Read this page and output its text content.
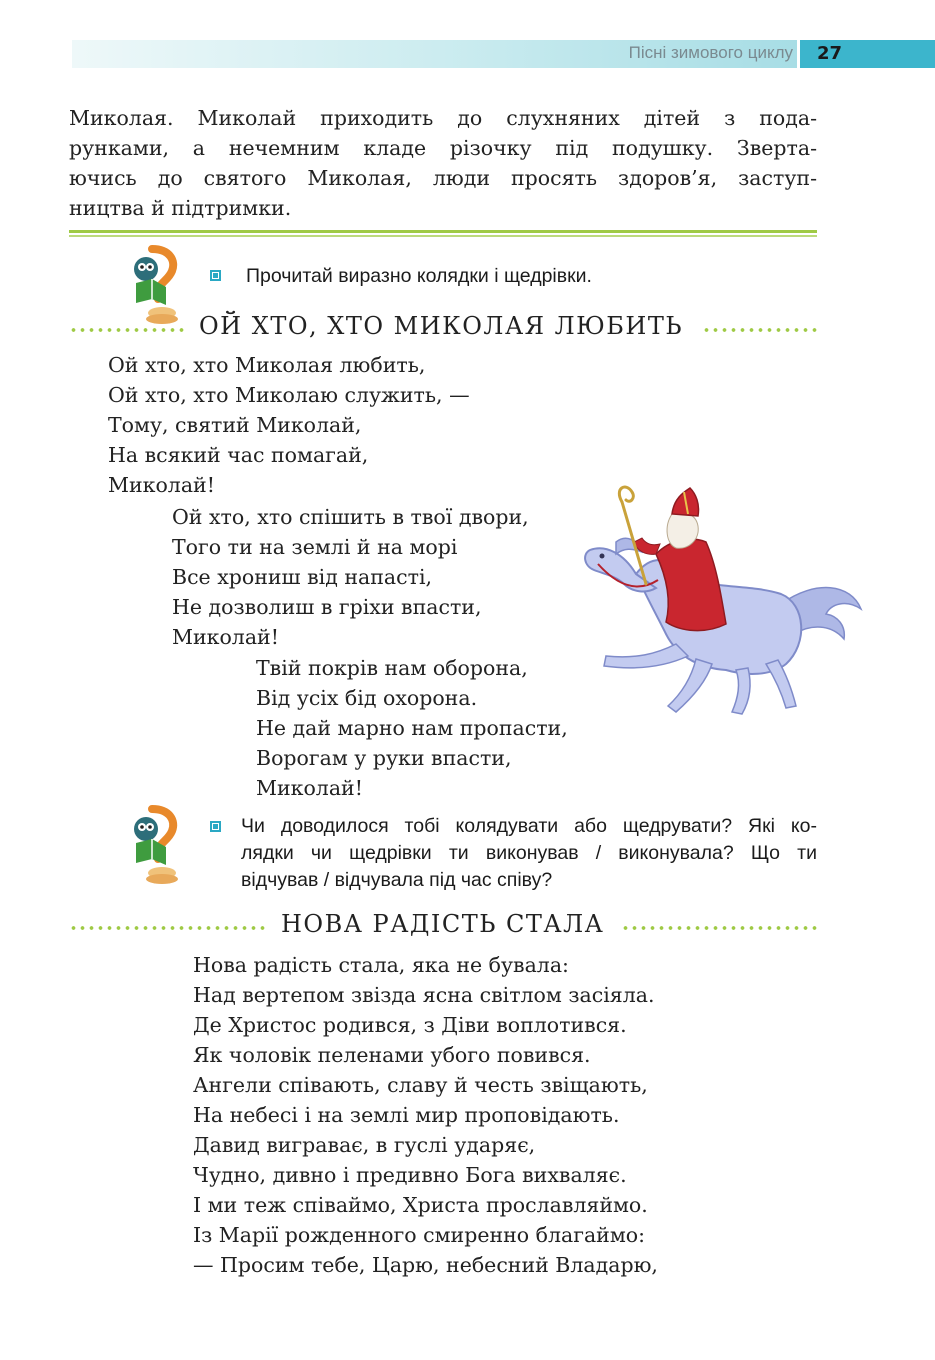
Пісні зимового циклу	27
Миколая. Миколай приходить до слухняних дітей з пода-
рунками, а нечемним кладе різочку під подушку. Зверта-
ючись до святого Миколая, люди просять здоров’я, заступ-
ництва й підтримки.
Прочитай виразно колядки і щедрівки.
ОЙ ХТО, ХТО МИКОЛАЯ ЛЮБИТЬ
Ой хто, хто Миколая любить,
Ой хто, хто Миколаю служить, —
Тому, святий Миколай,
На всякий час помагай,
Миколай!
Ой хто, хто спішить в твої двори,
Того ти на землі й на морі
Все хрониш від напасті,
Не дозволиш в гріхи впасти,
Миколай!
Твій покрів нам оборона,
Від усіх бід охорона.
Не дай марно нам пропасти,
Ворогам у руки впасти,
Миколай!
Чи доводилося тобі колядувати або щедрувати? Які ко-
лядки чи щедрівки ти виконував / виконувала? Що ти
відчував / відчувала під час співу?
НОВА РАДІСТЬ СТАЛА
Нова радість стала, яка не бувала:
Над вертепом звізда ясна світлом засіяла.
Де Христос родився, з Діви воплотився.
Як чоловік пеленами убого повився.
Ангели співають, славу й честь звіщають,
На небесі і на землі мир проповідають.
Давид виграває, в гуслі ударяє,
Чудно, дивно і предивно Бога вихваляє.
І ми теж співаймо, Христа прославляймо.
Із Марії рожденного смиренно благаймо:
— Просим тебе, Царю, небесний Владарю,
